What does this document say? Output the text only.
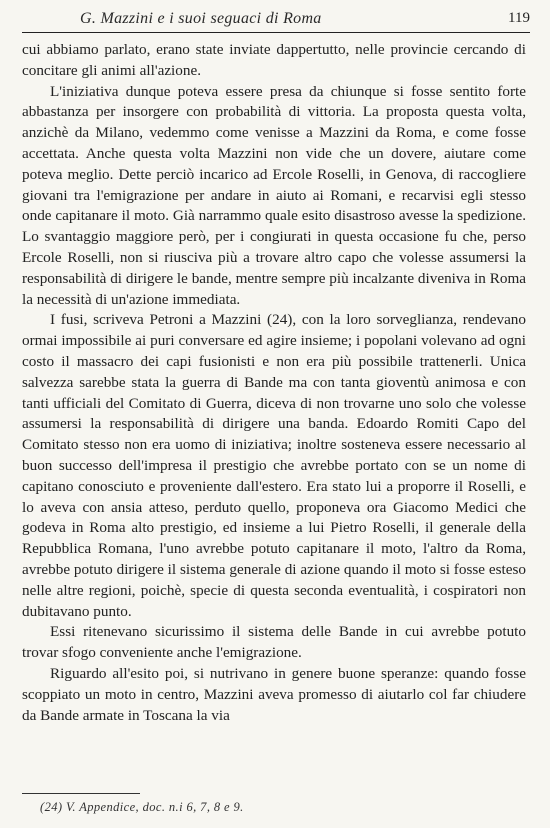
G. Mazzini e i suoi seguaci di Roma	119

cui abbiamo parlato, erano state inviate dappertutto, nelle provincie cercando di concitare gli animi all'azione.

L'iniziativa dunque poteva essere presa da chiunque si fosse sentito forte abbastanza per insorgere con probabilità di vittoria. La proposta questa volta, anzichè da Milano, vedemmo come venisse a Mazzini da Roma, e come fosse accettata. Anche questa volta Mazzini non vide che un dovere, aiutare come poteva meglio. Dette perciò incarico ad Ercole Roselli, in Genova, di raccogliere giovani tra l'emigrazione per andare in aiuto ai Romani, e recarvisi egli stesso onde capitanare il moto. Già narrammo quale esito disastroso avesse la spedizione. Lo svantaggio maggiore però, per i congiurati in questa occasione fu che, perso Ercole Roselli, non si riusciva più a trovare altro capo che volesse assumersi la responsabilità di dirigere le bande, mentre sempre più incalzante diveniva in Roma la necessità di un'azione immediata.

I fusi, scriveva Petroni a Mazzini (24), con la loro sorveglianza, rendevano ormai impossibile ai puri conversare ed agire insieme; i popolani volevano ad ogni costo il massacro dei capi fusionisti e non era più possibile trattenerli. Unica salvezza sarebbe stata la guerra di Bande ma con tanta gioventù animosa e con tanti ufficiali del Comitato di Guerra, diceva di non trovarne uno solo che volesse assumersi la responsabilità di dirigere una banda. Edoardo Romiti Capo del Comitato stesso non era uomo di iniziativa; inoltre sosteneva essere necessario al buon successo dell'impresa il prestigio che avrebbe portato con se un nome di capitano conosciuto e proveniente dall'estero. Era stato lui a proporre il Roselli, e lo aveva con ansia atteso, perduto quello, proponeva ora Giacomo Medici che godeva in Roma alto prestigio, ed insieme a lui Pietro Roselli, il generale della Repubblica Romana, l'uno avrebbe potuto capitanare il moto, l'altro da Roma, avrebbe potuto dirigere il sistema generale di azione quando il moto si fosse esteso nelle altre regioni, poichè, specie di questa seconda eventualità, i cospiratori non dubitavano punto.

Essi ritenevano sicurissimo il sistema delle Bande in cui avrebbe potuto trovar sfogo conveniente anche l'emigrazione.

Riguardo all'esito poi, si nutrivano in genere buone speranze: quando fosse scoppiato un moto in centro, Mazzini aveva promesso di aiutarlo col far chiudere da Bande armate in Toscana la via

(24) V. Appendice, doc. n.i 6, 7, 8 e 9.
